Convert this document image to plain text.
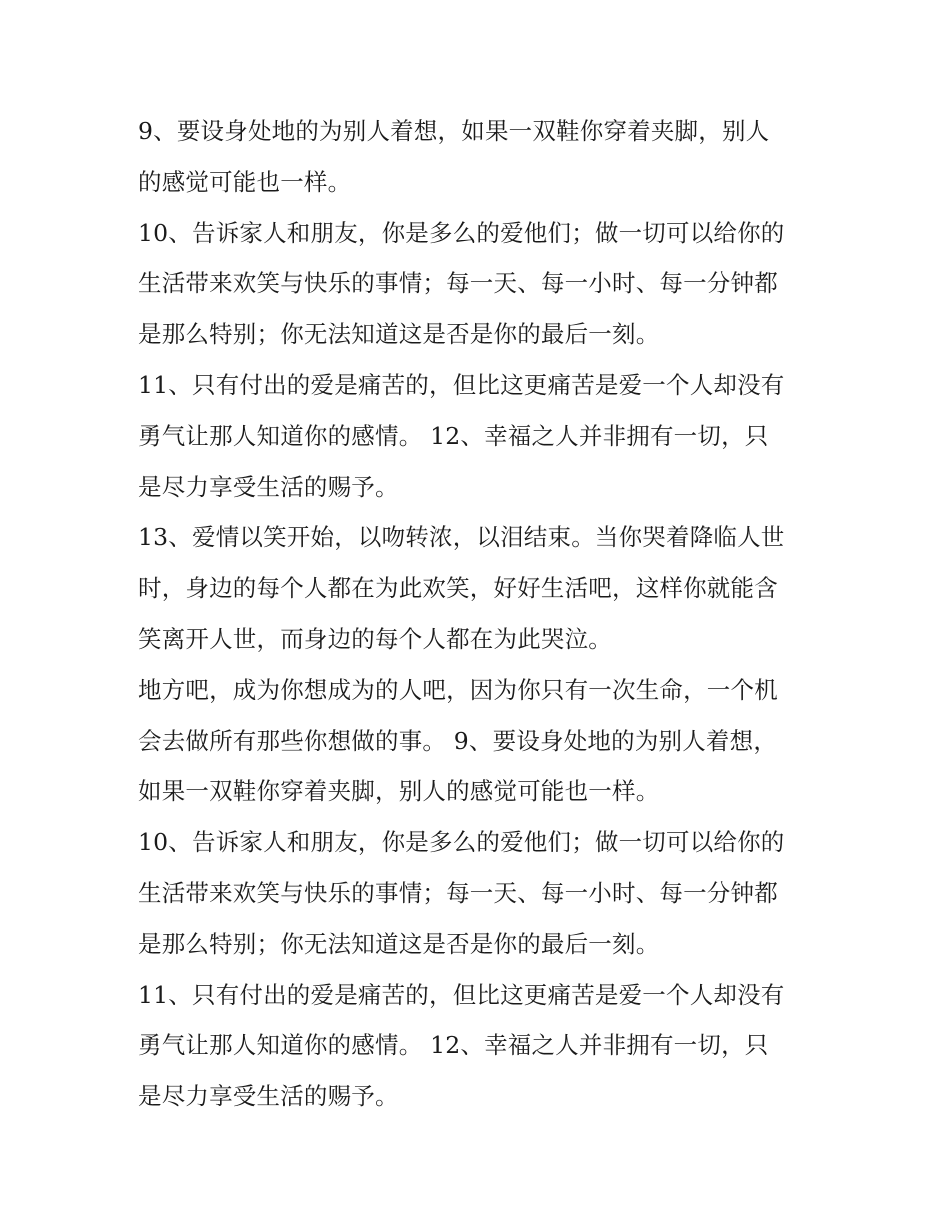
9、要设身处地的为别人着想，如果一双鞋你穿着夹脚，别人
的感觉可能也一样。
10、告诉家人和朋友，你是多么的爱他们；做一切可以给你的
生活带来欢笑与快乐的事情；每一天、每一小时、每一分钟都
是那么特别；你无法知道这是否是你的最后一刻。
11、只有付出的爱是痛苦的，但比这更痛苦是爱一个人却没有
勇气让那人知道你的感情。 12、幸福之人并非拥有一切，只
是尽力享受生活的赐予。
13、爱情以笑开始，以吻转浓，以泪结束。当你哭着降临人世
时，身边的每个人都在为此欢笑，好好生活吧，这样你就能含
笑离开人世，而身边的每个人都在为此哭泣。
地方吧，成为你想成为的人吧，因为你只有一次生命，一个机
会去做所有那些你想做的事。 9、要设身处地的为别人着想，
如果一双鞋你穿着夹脚，别人的感觉可能也一样。
10、告诉家人和朋友，你是多么的爱他们；做一切可以给你的
生活带来欢笑与快乐的事情；每一天、每一小时、每一分钟都
是那么特别；你无法知道这是否是你的最后一刻。
11、只有付出的爱是痛苦的，但比这更痛苦是爱一个人却没有
勇气让那人知道你的感情。 12、幸福之人并非拥有一切，只
是尽力享受生活的赐予。
